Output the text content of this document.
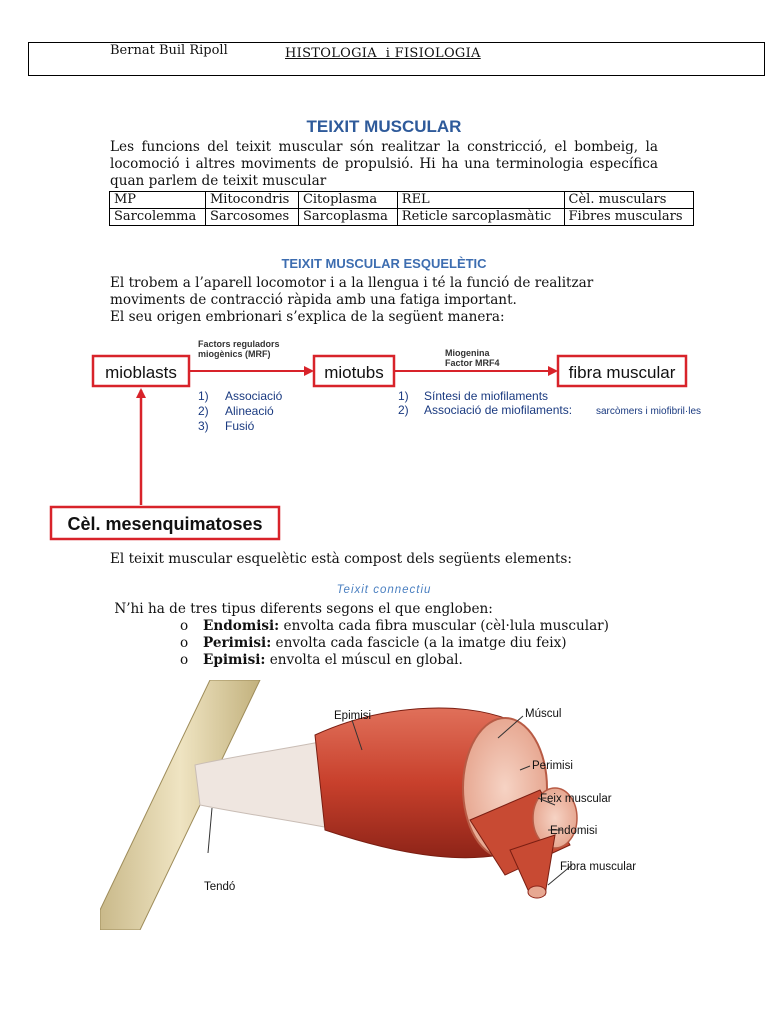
Bernat Buil Ripoll	HISTOLOGIA  i FISIOLOGIA
TEIXIT MUSCULAR
Les funcions del teixit muscular són realitzar la constricció, el bombeig, la locomoció i altres moviments de propulsió. Hi ha una terminologia específica quan parlem de teixit muscular
MP	Mitocondris	Citoplasma	REL	Cèl. musculars
Sarcolemma	Sarcosomes	Sarcoplasma	Reticle sarcoplasmàtic	Fibres musculars
TEIXIT MUSCULAR ESQUELÈTIC
El trobem a l’aparell locomotor i a la llengua i té la funció de realitzar moviments de contracció ràpida amb una fatiga important.
El seu origen embrionari s’explica de la següent manera:
mioblasts	miotubs	fibra muscular
Cèl. mesenquimatoses
Factors reguladors
miogènics (MRF)	Miogenina
Factor MRF4
1) Associació
2) Alineació
3) Fusió
1) Síntesi de miofilaments
2) Associació de miofilaments: sarcòmers i miofibril·les
El teixit muscular esquelètic està compost dels següents elements:
Teixit connectiu
N’hi ha de tres tipus diferents segons el que engloben:
o Endomisi: envolta cada fibra muscular (cèl·lula muscular)
o Perimisi: envolta cada fascicle (a la imatge diu feix)
o Epimisi: envolta el múscul en global.
Epimisi	Múscul
Perimisi
Feix muscular
Endomisi
Fibra muscular
Tendó
